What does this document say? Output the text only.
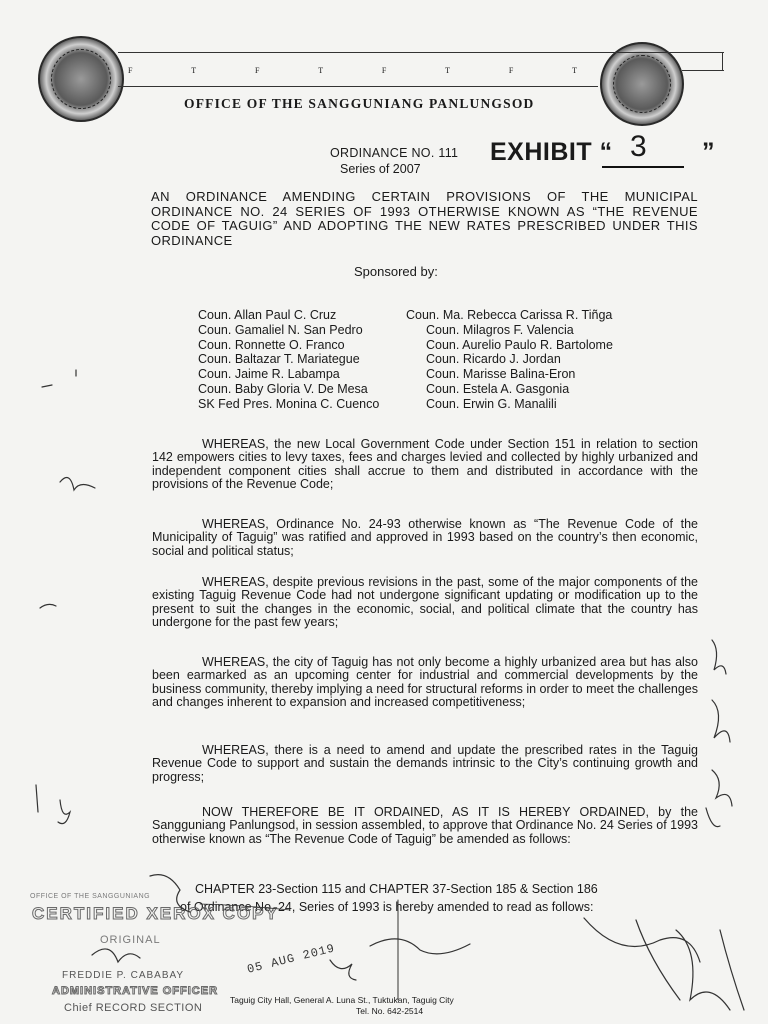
F	T	F	T	F	T	F	T
OFFICE OF THE SANGGUNIANG PANLUNGSOD
ORDINANCE NO. 111
Series of 2007
EXHIBIT “ 3 ”
AN ORDINANCE AMENDING CERTAIN PROVISIONS OF THE MUNICIPAL ORDINANCE NO. 24 SERIES OF 1993 OTHERWISE KNOWN AS “THE REVENUE CODE OF TAGUIG” AND ADOPTING THE NEW RATES PRESCRIBED UNDER THIS ORDINANCE
Sponsored by:
Coun. Allan Paul C. Cruz
Coun. Gamaliel N. San Pedro
Coun. Ronnette O. Franco
Coun. Baltazar T. Mariategue
Coun. Jaime R. Labampa
Coun. Baby Gloria V. De Mesa
SK Fed Pres. Monina C. Cuenco
Coun. Ma. Rebecca Carissa R. Tiñga
Coun. Milagros F. Valencia
Coun. Aurelio Paulo R. Bartolome
Coun. Ricardo J. Jordan
Coun. Marisse Balina-Eron
Coun. Estela A. Gasgonia
Coun. Erwin G. Manalili
WHEREAS, the new Local Government Code under Section 151 in relation to section 142 empowers cities to levy taxes, fees and charges levied and collected by highly urbanized and independent component cities shall accrue to them and distributed in accordance with the provisions of the Revenue Code;
WHEREAS, Ordinance No. 24-93 otherwise known as “The Revenue Code of the Municipality of Taguig” was ratified and approved in 1993 based on the country’s then economic, social and political status;
WHEREAS, despite previous revisions in the past, some of the major components of the existing Taguig Revenue Code had not undergone significant updating or modification up to the present to suit the changes in the economic, social, and political climate that the country has undergone for the past few years;
WHEREAS, the city of Taguig has not only become a highly urbanized area but has also been earmarked as an upcoming center for industrial and commercial developments by the business community, thereby implying a need for structural reforms in order to meet the challenges and changes inherent to expansion and increased competitiveness;
WHEREAS, there is a need to amend and update the prescribed rates in the Taguig Revenue Code to support and sustain the demands intrinsic to the City’s continuing growth and progress;
NOW THEREFORE BE IT ORDAINED, AS IT IS HEREBY ORDAINED, by the Sangguniang Panlungsod, in session assembled, to approve that Ordinance No. 24 Series of 1993 otherwise known as “The Revenue Code of Taguig” be amended as follows:
CHAPTER 23-Section 115 and CHAPTER 37-Section 185 & Section 186
of Ordinance No. 24, Series of 1993 is hereby amended to read as follows:
OFFICE OF THE SANGGUNIANG
CERTIFIED XEROX COPY
ORIGINAL
05 AUG 2019
FREDDIE P. CABABAY
ADMINISTRATIVE OFFICER
Chief RECORD SECTION
Taguig City Hall, General A. Luna St., Tuktukan, Taguig City
Tel. No. 642-2514
